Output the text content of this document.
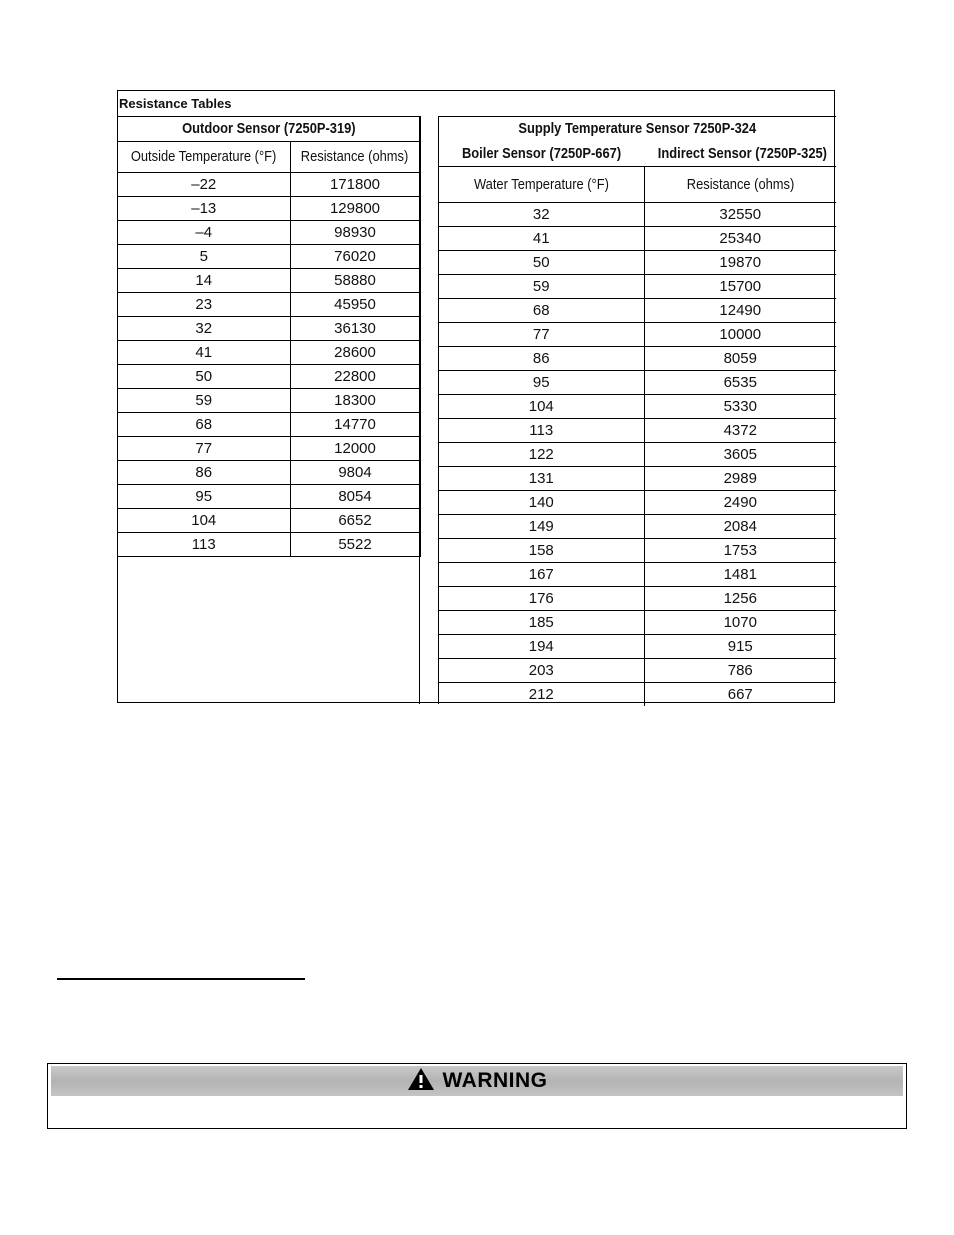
Resistance Tables
Outdoor Sensor (7250P-319)	
Outside Temperature (°F)	Resistance (ohms)
–22	171800
–13	129800
–4	98930
5	76020
14	58880
23	45950
32	36130
41	28600
50	22800
59	18300
68	14770
77	12000
86	9804
95	8054
104	6652
113	5522
Supply Temperature Sensor 7250P-324	
Boiler Sensor (7250P-667)	Indirect Sensor (7250P-325)
Water Temperature (°F)	Resistance (ohms)
32	32550
41	25340
50	19870
59	15700
68	12490
77	10000
86	8059
95	6535
104	5330
113	4372
122	3605
131	2989
140	2490
149	2084
158	1753
167	1481
176	1256
185	1070
194	915
203	786
212	667
WARNING
